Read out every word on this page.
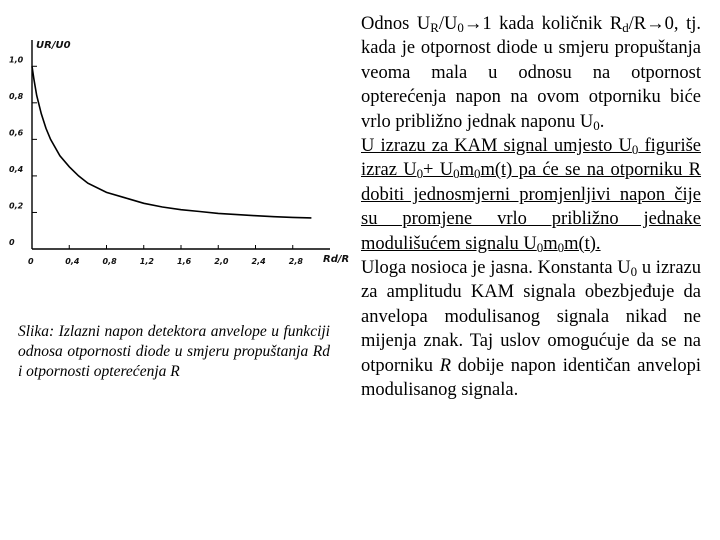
1,0
0,8
0,6
0,4
0,2
0
0	0,4	0,8	1,2	1,6	2,0	2,4	2,8
UR/U0
Rd/R
Slika: Izlazni napon detektora anvelope u funkciji odnosa otpornosti diode u smjeru propuštanja Rd i otpornosti opterećenja R

Odnos $U_R/U_0\to 1$ kada količnik $R_d/R\to 0$, tj. kada je otpornost diode u smjeru propuštanja veoma mala u odnosu na otpornost opterećenja napon na ovom otporniku biće vrlo približno jednak naponu $U_0$.

U izrazu za KAM signal umjesto $U_0$ figuriše izraz $U_0+ U_0m_0m(t)$ pa će se na otporniku R dobiti jednosmjerni promjenljivi napon čije su promjene vrlo približno jednake modulišućem signalu $U_0m_0m(t)$.

Uloga nosioca je jasna. Konstanta $U_0$ u izrazu za amplitudu KAM signala obezbjeđuje da anvelopa modulisanog signala nikad ne mijenja znak. Taj uslov omogućuje da se na otporniku R dobije napon identičan anvelopi modulisanog signala.
